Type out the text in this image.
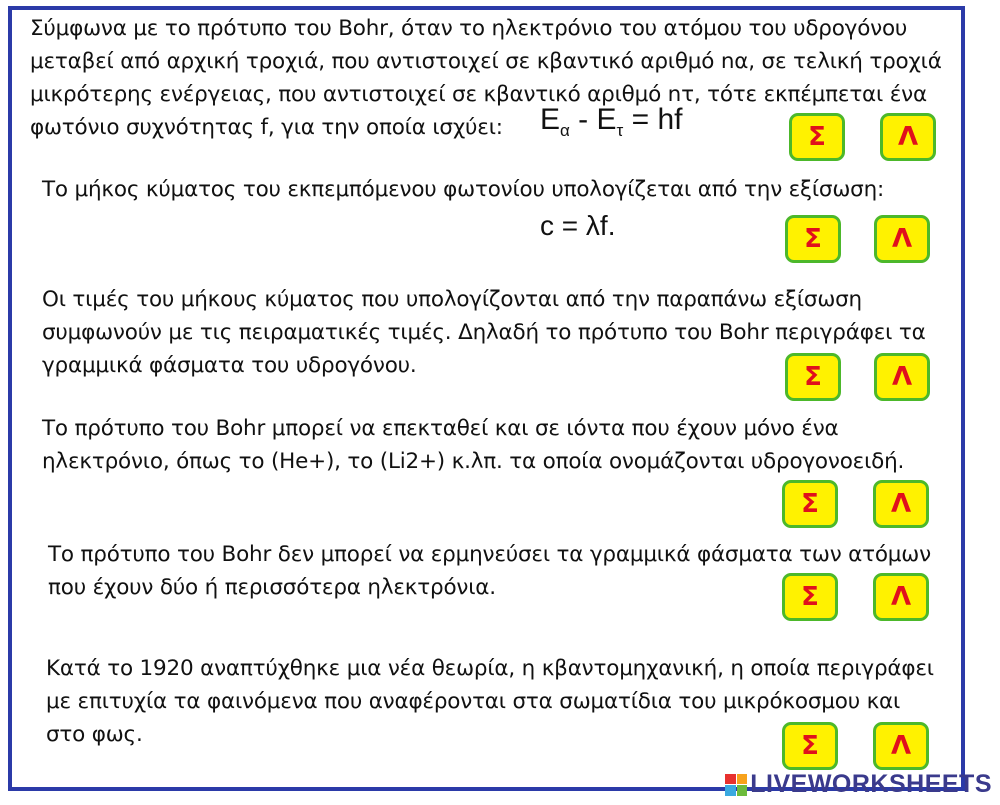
Σύμφωνα με το πρότυπο του Bohr, όταν το ηλεκτρόνιο του ατόμου του υδρογόνου
μεταβεί από αρχική τροχιά, που αντιστοιχεί σε κβαντικό αριθμό nα, σε τελική τροχιά
μικρότερης ενέργειας, που αντιστοιχεί σε κβαντικό αριθμό nτ, τότε εκπέμπεται ένα
φωτόνιο συχνότητας f, για την οποία ισχύει:	$E_\alpha - E_\tau$ = hf
Σ	Λ
Το μήκος κύματος του εκπεμπόμενου φωτονίου υπολογίζεται από την εξίσωση:
c = λf.	Σ	Λ
Οι τιμές του μήκους κύματος που υπολογίζονται από την παραπάνω εξίσωση
συμφωνούν με τις πειραματικές τιμές. Δηλαδή το πρότυπο του Bohr περιγράφει τα
γραμμικά φάσματα του υδρογόνου.	Σ	Λ
Το πρότυπο του Bohr μπορεί να επεκταθεί και σε ιόντα που έχουν μόνο ένα
ηλεκτρόνιο, όπως το (He+), το (Li2+) κ.λπ. τα οποία ονομάζονται υδρογονοειδή.
Σ	Λ
Το πρότυπο του Bohr δεν μπορεί να ερμηνεύσει τα γραμμικά φάσματα των ατόμων
που έχουν δύο ή περισσότερα ηλεκτρόνια.	Σ	Λ
Κατά το 1920 αναπτύχθηκε μια νέα θεωρία, η κβαντομηχανική, η οποία περιγράφει
με επιτυχία τα φαινόμενα που αναφέρονται στα σωματίδια του μικρόκοσμου και
στο φως.	Σ	Λ
LIVEWORKSHEETS
